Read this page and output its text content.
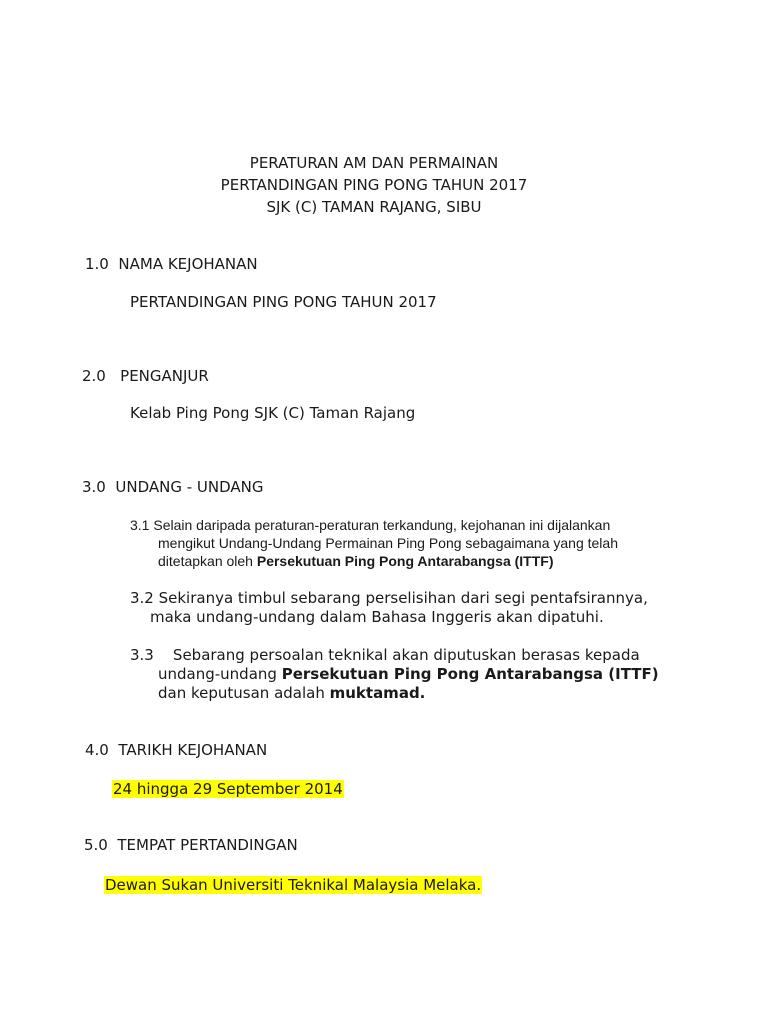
PERATURAN AM DAN PERMAINAN
PERTANDINGAN PING PONG TAHUN 2017
SJK (C) TAMAN RAJANG, SIBU
1.0  NAMA KEJOHANAN
PERTANDINGAN PING PONG TAHUN 2017
2.0   PENGANJUR
Kelab Ping Pong SJK (C) Taman Rajang
3.0  UNDANG - UNDANG
3.1 Selain daripada peraturan-peraturan terkandung, kejohanan ini dijalankan
mengikut Undang-Undang Permainan Ping Pong sebagaimana yang telah
ditetapkan oleh Persekutuan Ping Pong Antarabangsa (ITTF)
3.2 Sekiranya timbul sebarang perselisihan dari segi pentafsirannya,
maka undang-undang dalam Bahasa Inggeris akan dipatuhi.
3.3    Sebarang persoalan teknikal akan diputuskan berasas kepada
undang-undang Persekutuan Ping Pong Antarabangsa (ITTF)
dan keputusan adalah muktamad.
4.0  TARIKH KEJOHANAN
24 hingga 29 September 2014
5.0  TEMPAT PERTANDINGAN
Dewan Sukan Universiti Teknikal Malaysia Melaka.
